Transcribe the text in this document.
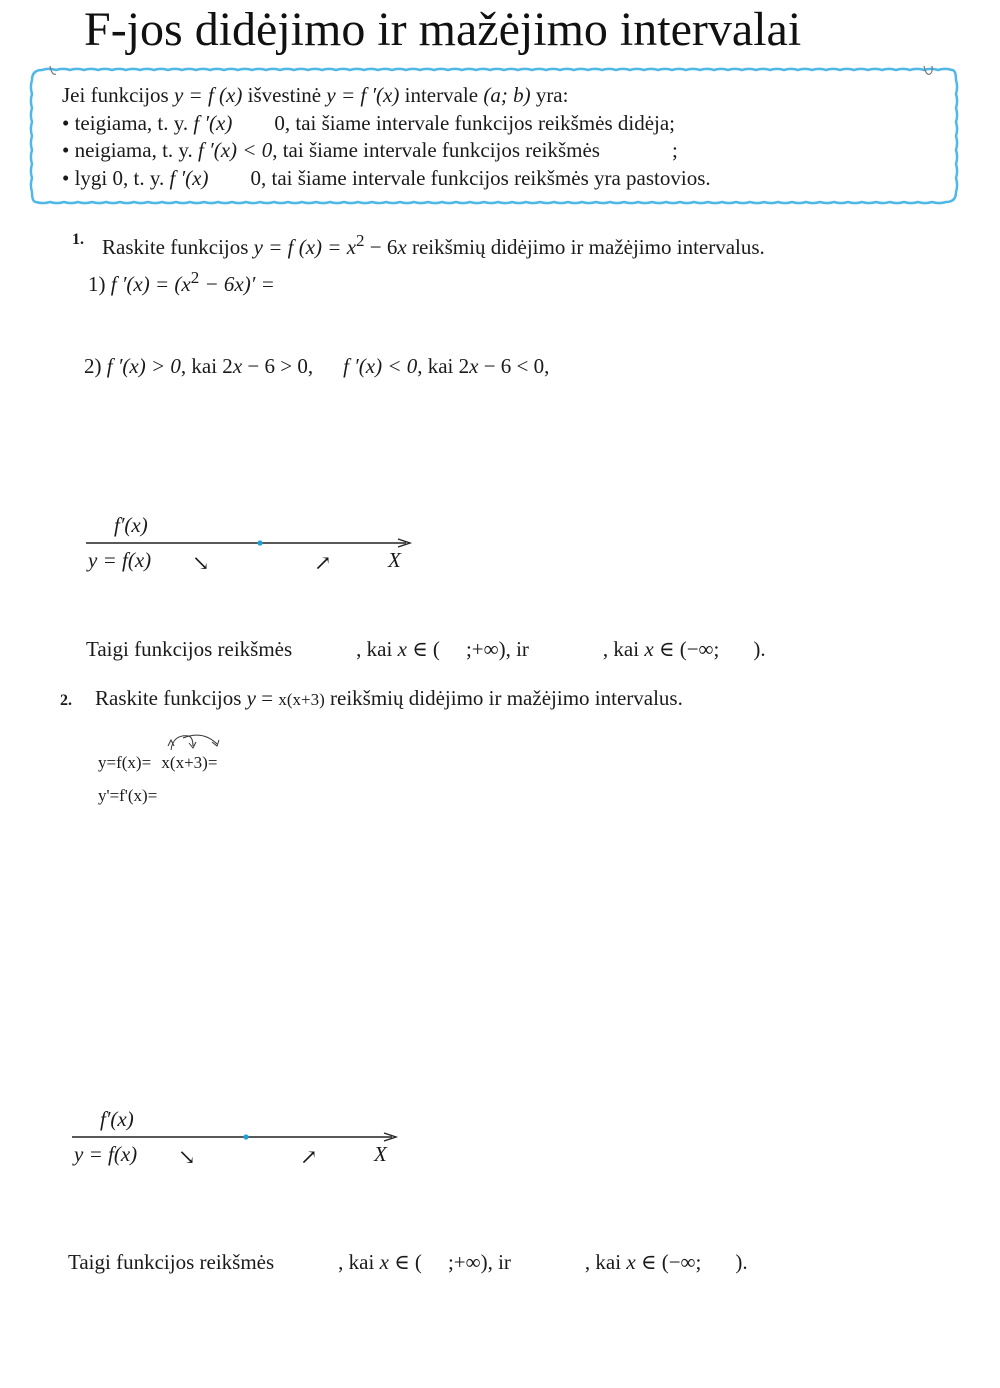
F-jos didėjimo ir mažėjimo intervalai
Jei funkcijos y = f (x) išvestinė y = f ′(x) intervale (a; b) yra:
• teigiama, t. y. f ′(x) 0, tai šiame intervale funkcijos reikšmės didėja;
• neigiama, t. y. f ′(x) < 0, tai šiame intervale funkcijos reikšmės	;
• lygi 0, t. y. f ′(x) 0, tai šiame intervale funkcijos reikšmės yra pastovios.
1. Raskite funkcijos y = f $(x) = x^2 - 6x$ reikšmių didėjimo ir mažėjimo intervalus.
1) f $'(x) = (x^2 - 6x)'$ =
2) f ′(x) > 0, kai 2x − 6 > 0, f ′(x) < 0, kai 2x − 6 < 0,
f′(x)
y = f(x) ↘	↗	X
Taigi funkcijos reikšmės	, kai x ∈ ( ;+∞), ir	, kai x ∈ (−∞; ).
2. Raskite funkcijos y = x(x+3) reikšmių didėjimo ir mažėjimo intervalus.
y=f(x)= x(x+3)=
y'=f'(x)=
f′(x)
y = f(x) ↘	↗	X
Taigi funkcijos reikšmės	, kai x ∈ ( ;+∞), ir	, kai x ∈ (−∞; ).
